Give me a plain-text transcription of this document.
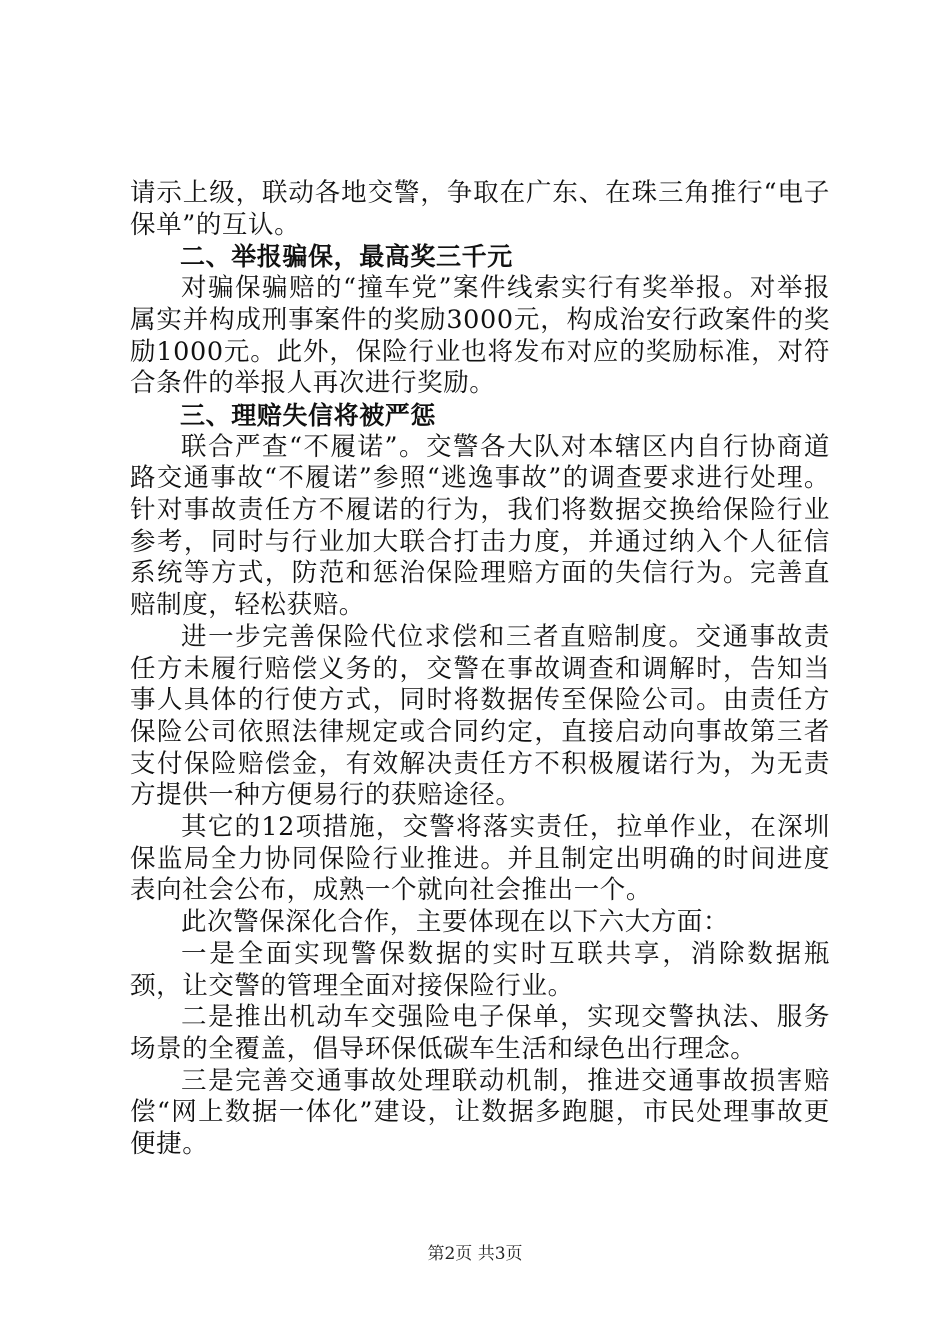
请示上级，联动各地交警，争取在广东、在珠三角推行“电子保单”的互认。

二、举报骗保，最高奖三千元

对骗保骗赔的“撞车党”案件线索实行有奖举报。对举报属实并构成刑事案件的奖励3000元，构成治安行政案件的奖励1000元。此外，保险行业也将发布对应的奖励标准，对符合条件的举报人再次进行奖励。

三、理赔失信将被严惩

联合严查“不履诺”。交警各大队对本辖区内自行协商道路交通事故“不履诺”参照“逃逸事故”的调查要求进行处理。针对事故责任方不履诺的行为，我们将数据交换给保险行业参考，同时与行业加大联合打击力度，并通过纳入个人征信系统等方式，防范和惩治保险理赔方面的失信行为。完善直赔制度，轻松获赔。

进一步完善保险代位求偿和三者直赔制度。交通事故责任方未履行赔偿义务的，交警在事故调查和调解时，告知当事人具体的行使方式，同时将数据传至保险公司。由责任方保险公司依照法律规定或合同约定，直接启动向事故第三者支付保险赔偿金，有效解决责任方不积极履诺行为，为无责方提供一种方便易行的获赔途径。

其它的12项措施，交警将落实责任，拉单作业，在深圳保监局全力协同保险行业推进。并且制定出明确的时间进度表向社会公布，成熟一个就向社会推出一个。

此次警保深化合作，主要体现在以下六大方面：

一是全面实现警保数据的实时互联共享，消除数据瓶颈，让交警的管理全面对接保险行业。

二是推出机动车交强险电子保单，实现交警执法、服务场景的全覆盖，倡导环保低碳车生活和绿色出行理念。

三是完善交通事故处理联动机制，推进交通事故损害赔偿“网上数据一体化”建设，让数据多跑腿，市民处理事故更便捷。

第2页 共3页
